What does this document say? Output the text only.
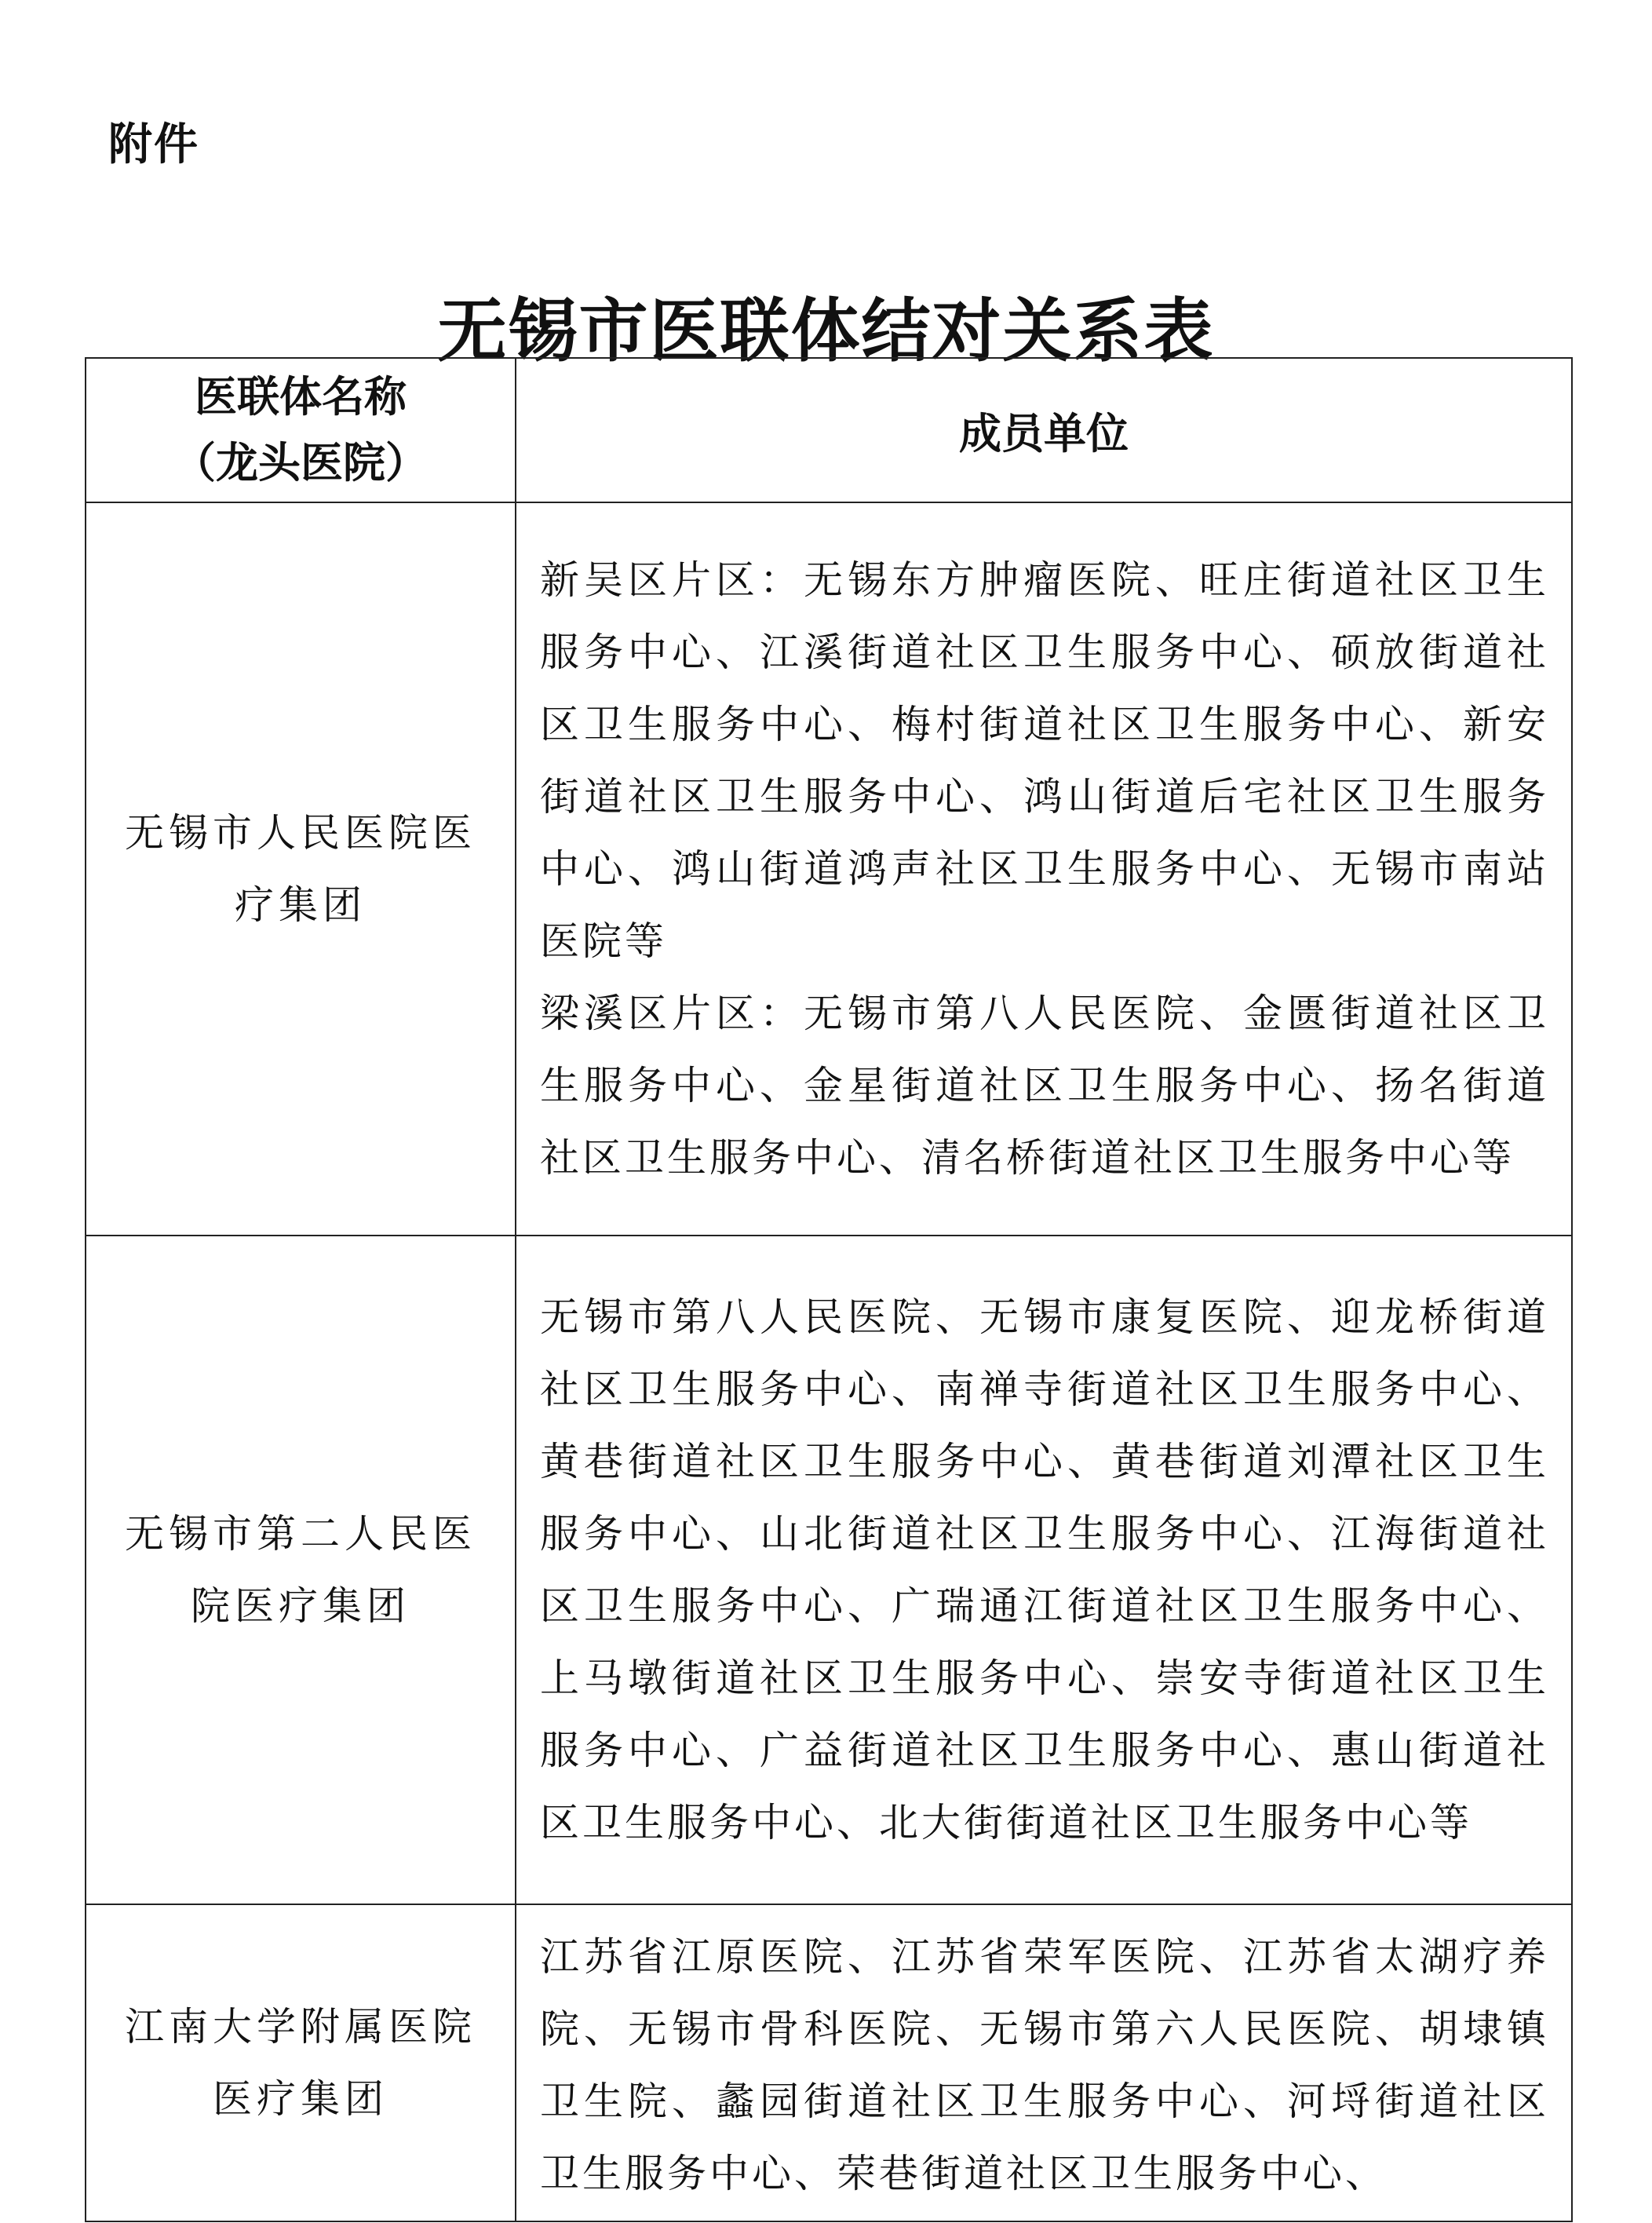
附件
无锡市医联体结对关系表
医联体名称
（龙头医院）	成员单位
无锡市人民医院医疗集团	新吴区片区：无锡东方肿瘤医院、旺庄街道社区卫生服务中心、江溪街道社区卫生服务中心、硕放街道社区卫生服务中心、梅村街道社区卫生服务中心、新安街道社区卫生服务中心、鸿山街道后宅社区卫生服务中心、鸿山街道鸿声社区卫生服务中心、无锡市南站医院等

梁溪区片区：无锡市第八人民医院、金匮街道社区卫生服务中心、金星街道社区卫生服务中心、扬名街道社区卫生服务中心、清名桥街道社区卫生服务中心等

无锡市第二人民医院医疗集团	无锡市第八人民医院、无锡市康复医院、迎龙桥街道社区卫生服务中心、南禅寺街道社区卫生服务中心、黄巷街道社区卫生服务中心、黄巷街道刘潭社区卫生服务中心、山北街道社区卫生服务中心、江海街道社区卫生服务中心、广瑞通江街道社区卫生服务中心、上马墩街道社区卫生服务中心、崇安寺街道社区卫生服务中心、广益街道社区卫生服务中心、惠山街道社区卫生服务中心、北大街街道社区卫生服务中心等

江南大学附属医院医疗集团	江苏省江原医院、江苏省荣军医院、江苏省太湖疗养院、无锡市骨科医院、无锡市第六人民医院、胡埭镇卫生院、蠡园街道社区卫生服务中心、河埒街道社区卫生服务中心、荣巷街道社区卫生服务中心、
